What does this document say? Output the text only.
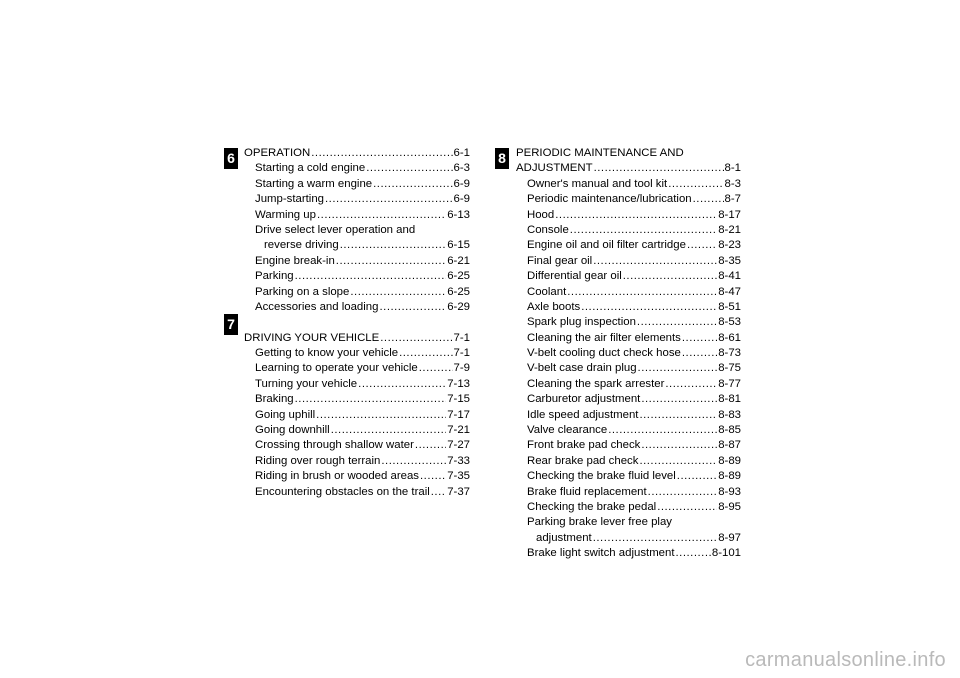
6
7
8
OPERATION .....	6-1
Starting a cold engine .....	6-3
Starting a warm engine .....	6-9
Jump-starting .....	6-9
Warming up .....	6-13
Drive select lever operation and
reverse driving .....	6-15
Engine break-in .....	6-21
Parking .....	6-25
Parking on a slope .....	6-25
Accessories and loading .....	6-29
DRIVING YOUR VEHICLE .....	7-1
Getting to know your vehicle .....	7-1
Learning to operate your vehicle .....	7-9
Turning your vehicle .....	7-13
Braking .....	7-15
Going uphill .....	7-17
Going downhill .....	7-21
Crossing through shallow water .....	7-27
Riding over rough terrain .....	7-33
Riding in brush or wooded areas ..... 7-35
Encountering obstacles on the trail ..... 7-37
PERIODIC MAINTENANCE AND
ADJUSTMENT .....	8-1
Owner's manual and tool kit .....	8-3
Periodic maintenance/lubrication .....	8-7
Hood .....	8-17
Console .....	8-21
Engine oil and oil filter cartridge .....	8-23
Final gear oil .....	8-35
Differential gear oil .....	8-41
Coolant .....	8-47
Axle boots .....	8-51
Spark plug inspection .....	8-53
Cleaning the air filter elements .....	8-61
V-belt cooling duct check hose .....	8-73
V-belt case drain plug .....	8-75
Cleaning the spark arrester .....	8-77
Carburetor adjustment .....	8-81
Idle speed adjustment .....	8-83
Valve clearance .....	8-85
Front brake pad check .....	8-87
Rear brake pad check .....	8-89
Checking the brake fluid level .....	8-89
Brake fluid replacement .....	8-93
Checking the brake pedal .....	8-95
Parking brake lever free play
adjustment .....	8-97
Brake light switch adjustment .....	8-101
carmanualsonline.info
